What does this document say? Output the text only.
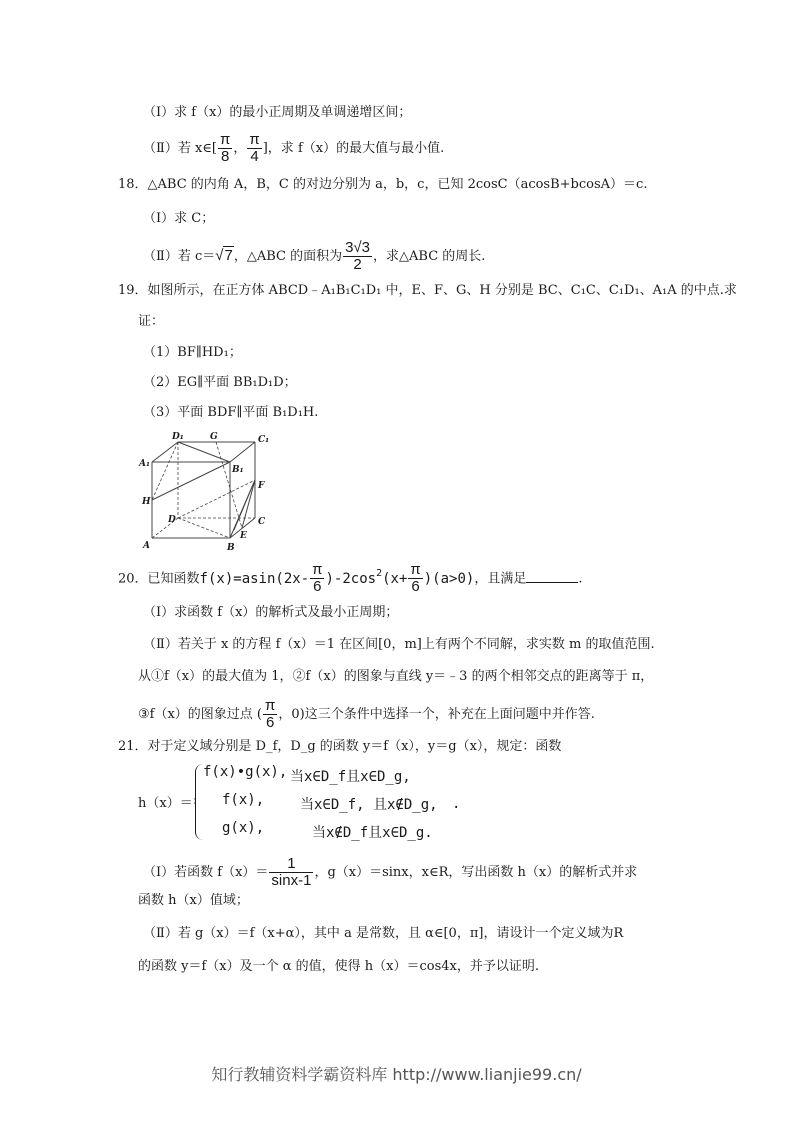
（Ⅰ）求 f（x）的最小正周期及单调递增区间；
（Ⅱ）若 x∈[ $\frac{\pi}{8}$ ， $\frac{\pi}{4}$ ]，求 f（x）的最大值与最小值.
18．△ABC 的内角 A，B，C 的对边分别为 a，b，c，已知 2cosC（acosB+bcosA）＝c.
（Ⅰ）求 C；
（Ⅱ）若 c＝√7，△ABC 的面积为 $\frac{3√3}{2}$ ，求△ABC 的周长.
19．如图所示，在正方体 ABCD﹣A₁B₁C₁D₁ 中，E、F、G、H 分别是 BC、C₁C、C₁D₁、A₁A 的中点.求
证：
（1）BF∥HD₁；
（2）EG∥平面 BB₁D₁D；
（3）平面 BDF∥平面 B₁D₁H.
D₁	G	C₁
A₁
B₁
H
F
D	C
E
A	B
20．已知函数$f(x)=asin(2x- \frac{\pi}{6} )-2\cos^2(x+ \frac{\pi}{6} )(a>0)$，且满足	.
（Ⅰ）求函数 f（x）的解析式及最小正周期；
（Ⅱ）若关于 x 的方程 f（x）＝1 在区间[0，m]上有两个不同解，求实数 m 的取值范围.
从①f（x）的最大值为 1，②f（x）的图象与直线 y＝﹣3 的两个相邻交点的距离等于 π，
③f（x）的图象过点 ( $\frac{\pi}{6}$ ，0)这三个条件中选择一个，补充在上面问题中并作答.
21．对于定义域分别是 D_f，D_g 的函数 y＝f（x），y＝g（x），规定：函数
h（x）＝
f(x)•g(x), 当x∈D_f且x∈D_g,
f(x),	当x∈D_f, 且x∉D_g, .
g(x),	当x∉D_f且x∈D_g.
（Ⅰ）若函数 $f(x)= \frac{1}{\sin x-1}$ ，g（x）＝sinx，x∈R，写出函数 h（x）的解析式并求
函数 h（x）值域；
（Ⅱ）若 g（x）＝f（x+α），其中 a 是常数，且 α∈[0，π]，请设计一个定义域为R
的函数 y＝f（x）及一个 α 的值，使得 h（x）＝cos4x，并予以证明.
知行教辅资料学霸资料库 http://www.lianjie99.cn/
